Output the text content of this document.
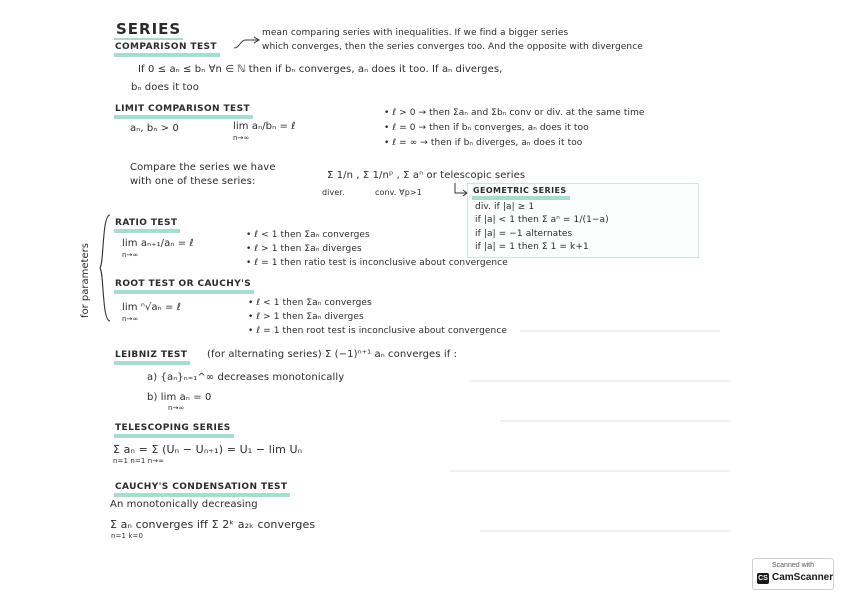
SERIES
COMPARISON TEST
mean comparing series with inequalities. If we find a bigger series
which converges, then the series converges too. And the opposite with divergence
If 0 ≤ aₙ ≤ bₙ ∀n ∈ ℕ then if bₙ converges, aₙ does it too. If aₙ diverges,
bₙ does it too
LIMIT COMPARISON TEST
aₙ, bₙ > 0	lim aₙ/bₙ = ℓ
n→∞
• ℓ > 0 → then Σaₙ and Σbₙ conv or div. at the same time
• ℓ = 0 → then if bₙ converges, aₙ does it too
• ℓ = ∞ → then if bₙ diverges, aₙ does it too
Compare the series we have
with one of these series:
Σ 1/n , Σ 1/nᵖ , Σ aⁿ or telescopic series
diver.	conv. ∀p>1	GEOMETRIC SERIES
div. if |a| ≥ 1
if |a| < 1 then Σ aⁿ = 1/(1−a)
if |a| = −1 alternates
if |a| = 1 then Σ 1 = k+1
for parameters
RATIO TEST
lim aₙ₊₁/aₙ = ℓ
n→∞
• ℓ < 1 then Σaₙ converges
• ℓ > 1 then Σaₙ diverges
• ℓ = 1 then ratio test is inconclusive about convergence
ROOT TEST OR CAUCHY'S
lim ⁿ√aₙ = ℓ
n→∞
• ℓ < 1 then Σaₙ converges
• ℓ > 1 then Σaₙ diverges
• ℓ = 1 then root test is inconclusive about convergence
LEIBNIZ TEST	(for alternating series) Σ (−1)ⁿ⁺¹ aₙ converges if :
a) {aₙ}ₙ₌₁^∞ decreases monotonically
b) lim aₙ = 0
n→∞
TELESCOPING SERIES
Σ aₙ = Σ (Uₙ − Uₙ₊₁) = U₁ − lim Uₙ
n=1 n=1 n→∞
CAUCHY'S CONDENSATION TEST
An monotonically decreasing
Σ aₙ converges iff Σ 2ᵏ a₂ₖ converges
n=1 k=0
Scanned with
CS CamScanner
